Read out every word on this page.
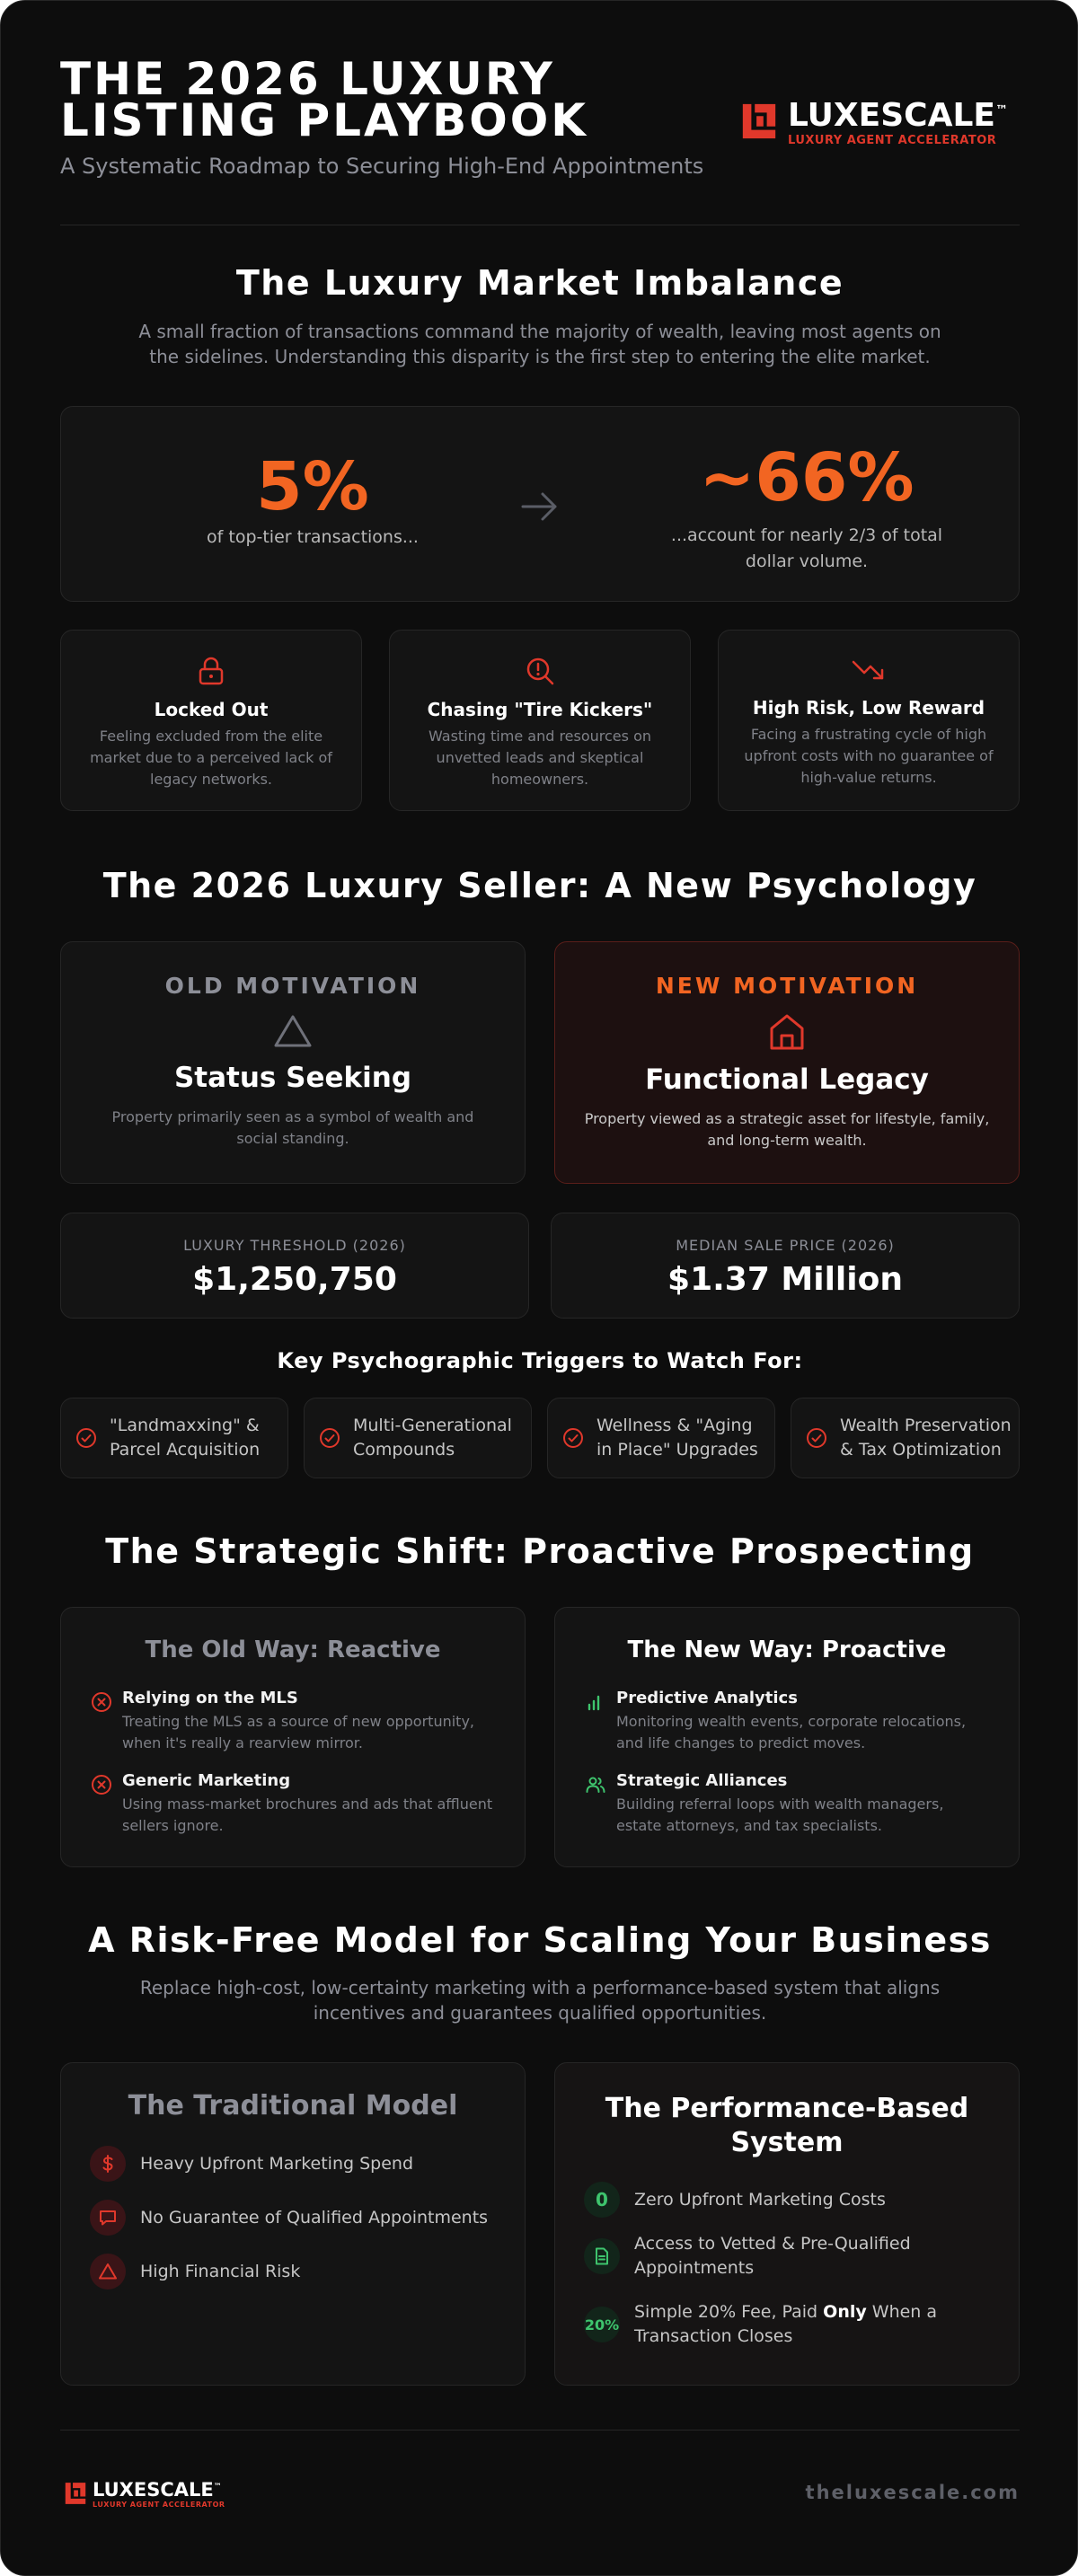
THE 2026 LUXURY
LISTING PLAYBOOK
A Systematic Roadmap to Securing High-End Appointments
LUXESCALE™
LUXURY AGENT ACCELERATOR
The Luxury Market Imbalance
A small fraction of transactions command the majority of wealth, leaving most agents on the sidelines. Understanding this disparity is the first step to entering the elite market.
5%
of top-tier transactions...
~66%
...account for nearly 2/3 of total
dollar volume.
Locked Out
Feeling excluded from the elite
market due to a perceived lack of
legacy networks.
Chasing "Tire Kickers"
Wasting time and resources on
unvetted leads and skeptical
homeowners.
High Risk, Low Reward
Facing a frustrating cycle of high
upfront costs with no guarantee of
high-value returns.
The 2026 Luxury Seller: A New Psychology
OLD MOTIVATION
Status Seeking
Property primarily seen as a symbol of wealth and
social standing.
NEW MOTIVATION
Functional Legacy
Property viewed as a strategic asset for lifestyle, family,
and long-term wealth.
LUXURY THRESHOLD (2026)
$1,250,750
MEDIAN SALE PRICE (2026)
$1.37 Million
Key Psychographic Triggers to Watch For:
"Landmaxxing" &
Parcel Acquisition
Multi-Generational
Compounds
Wellness & "Aging
in Place" Upgrades
Wealth Preservation
& Tax Optimization
The Strategic Shift: Proactive Prospecting
The Old Way: Reactive
Relying on the MLS
Treating the MLS as a source of new opportunity,
when it's really a rearview mirror.
Generic Marketing
Using mass-market brochures and ads that affluent
sellers ignore.
The New Way: Proactive
Predictive Analytics
Monitoring wealth events, corporate relocations,
and life changes to predict moves.
Strategic Alliances
Building referral loops with wealth managers,
estate attorneys, and tax specialists.
A Risk-Free Model for Scaling Your Business
Replace high-cost, low-certainty marketing with a performance-based system that aligns
incentives and guarantees qualified opportunities.
The Traditional Model
Heavy Upfront Marketing Spend
No Guarantee of Qualified Appointments
High Financial Risk
The Performance-Based
System
0 Zero Upfront Marketing Costs
Access to Vetted & Pre-Qualified
Appointments
20%
Simple 20% Fee, Paid Only When a
Transaction Closes
LUXESCALE™
LUXURY AGENT ACCELERATOR
theluxescale.com
